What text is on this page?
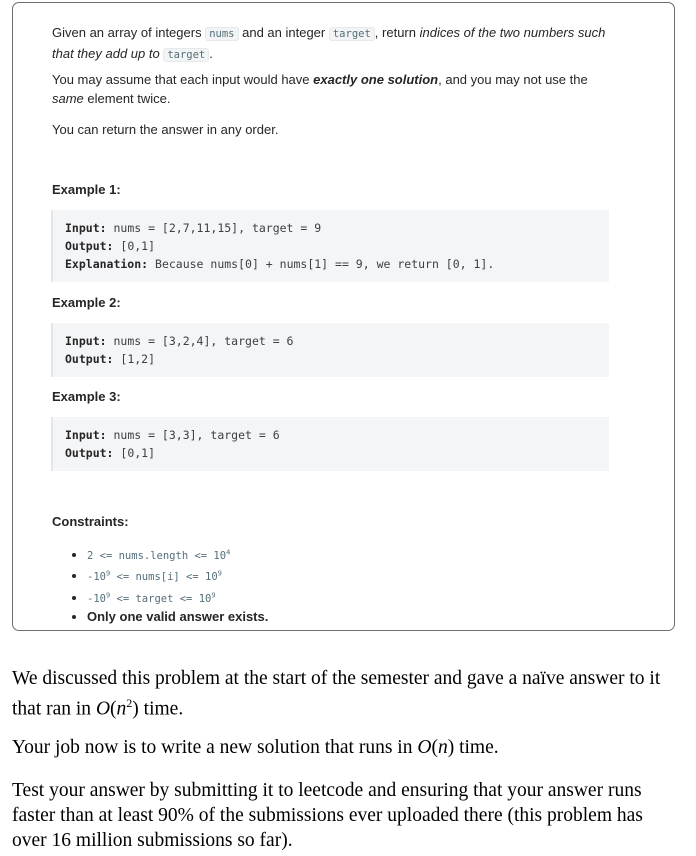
Given an array of integers nums and an integer target , return indices of the two numbers such that they add up to target .

You may assume that each input would have exactly one solution, and you may not use the same element twice.

You can return the answer in any order.

Example 1:
Input: nums = [2,7,11,15], target = 9
Output: [0,1]
Explanation: Because nums[0] + nums[1] == 9, we return [0, 1].
Example 2:
Input: nums = [3,2,4], target = 6
Output: [1,2]
Example 3:
Input: nums = [3,3], target = 6
Output: [0,1]
Constraints:
• 2 <= nums.length <= $10^4$
• $-10^9$ <= nums[i] <= $10^9$
• $-10^9$ <= target <= $10^9$
• Only one valid answer exists.

We discussed this problem at the start of the semester and gave a naïve answer to it that ran in $O(n^2)$ time.

Your job now is to write a new solution that runs in O(n) time.

Test your answer by submitting it to leetcode and ensuring that your answer runs faster than at least 90% of the submissions ever uploaded there (this problem has over 16 million submissions so far).
